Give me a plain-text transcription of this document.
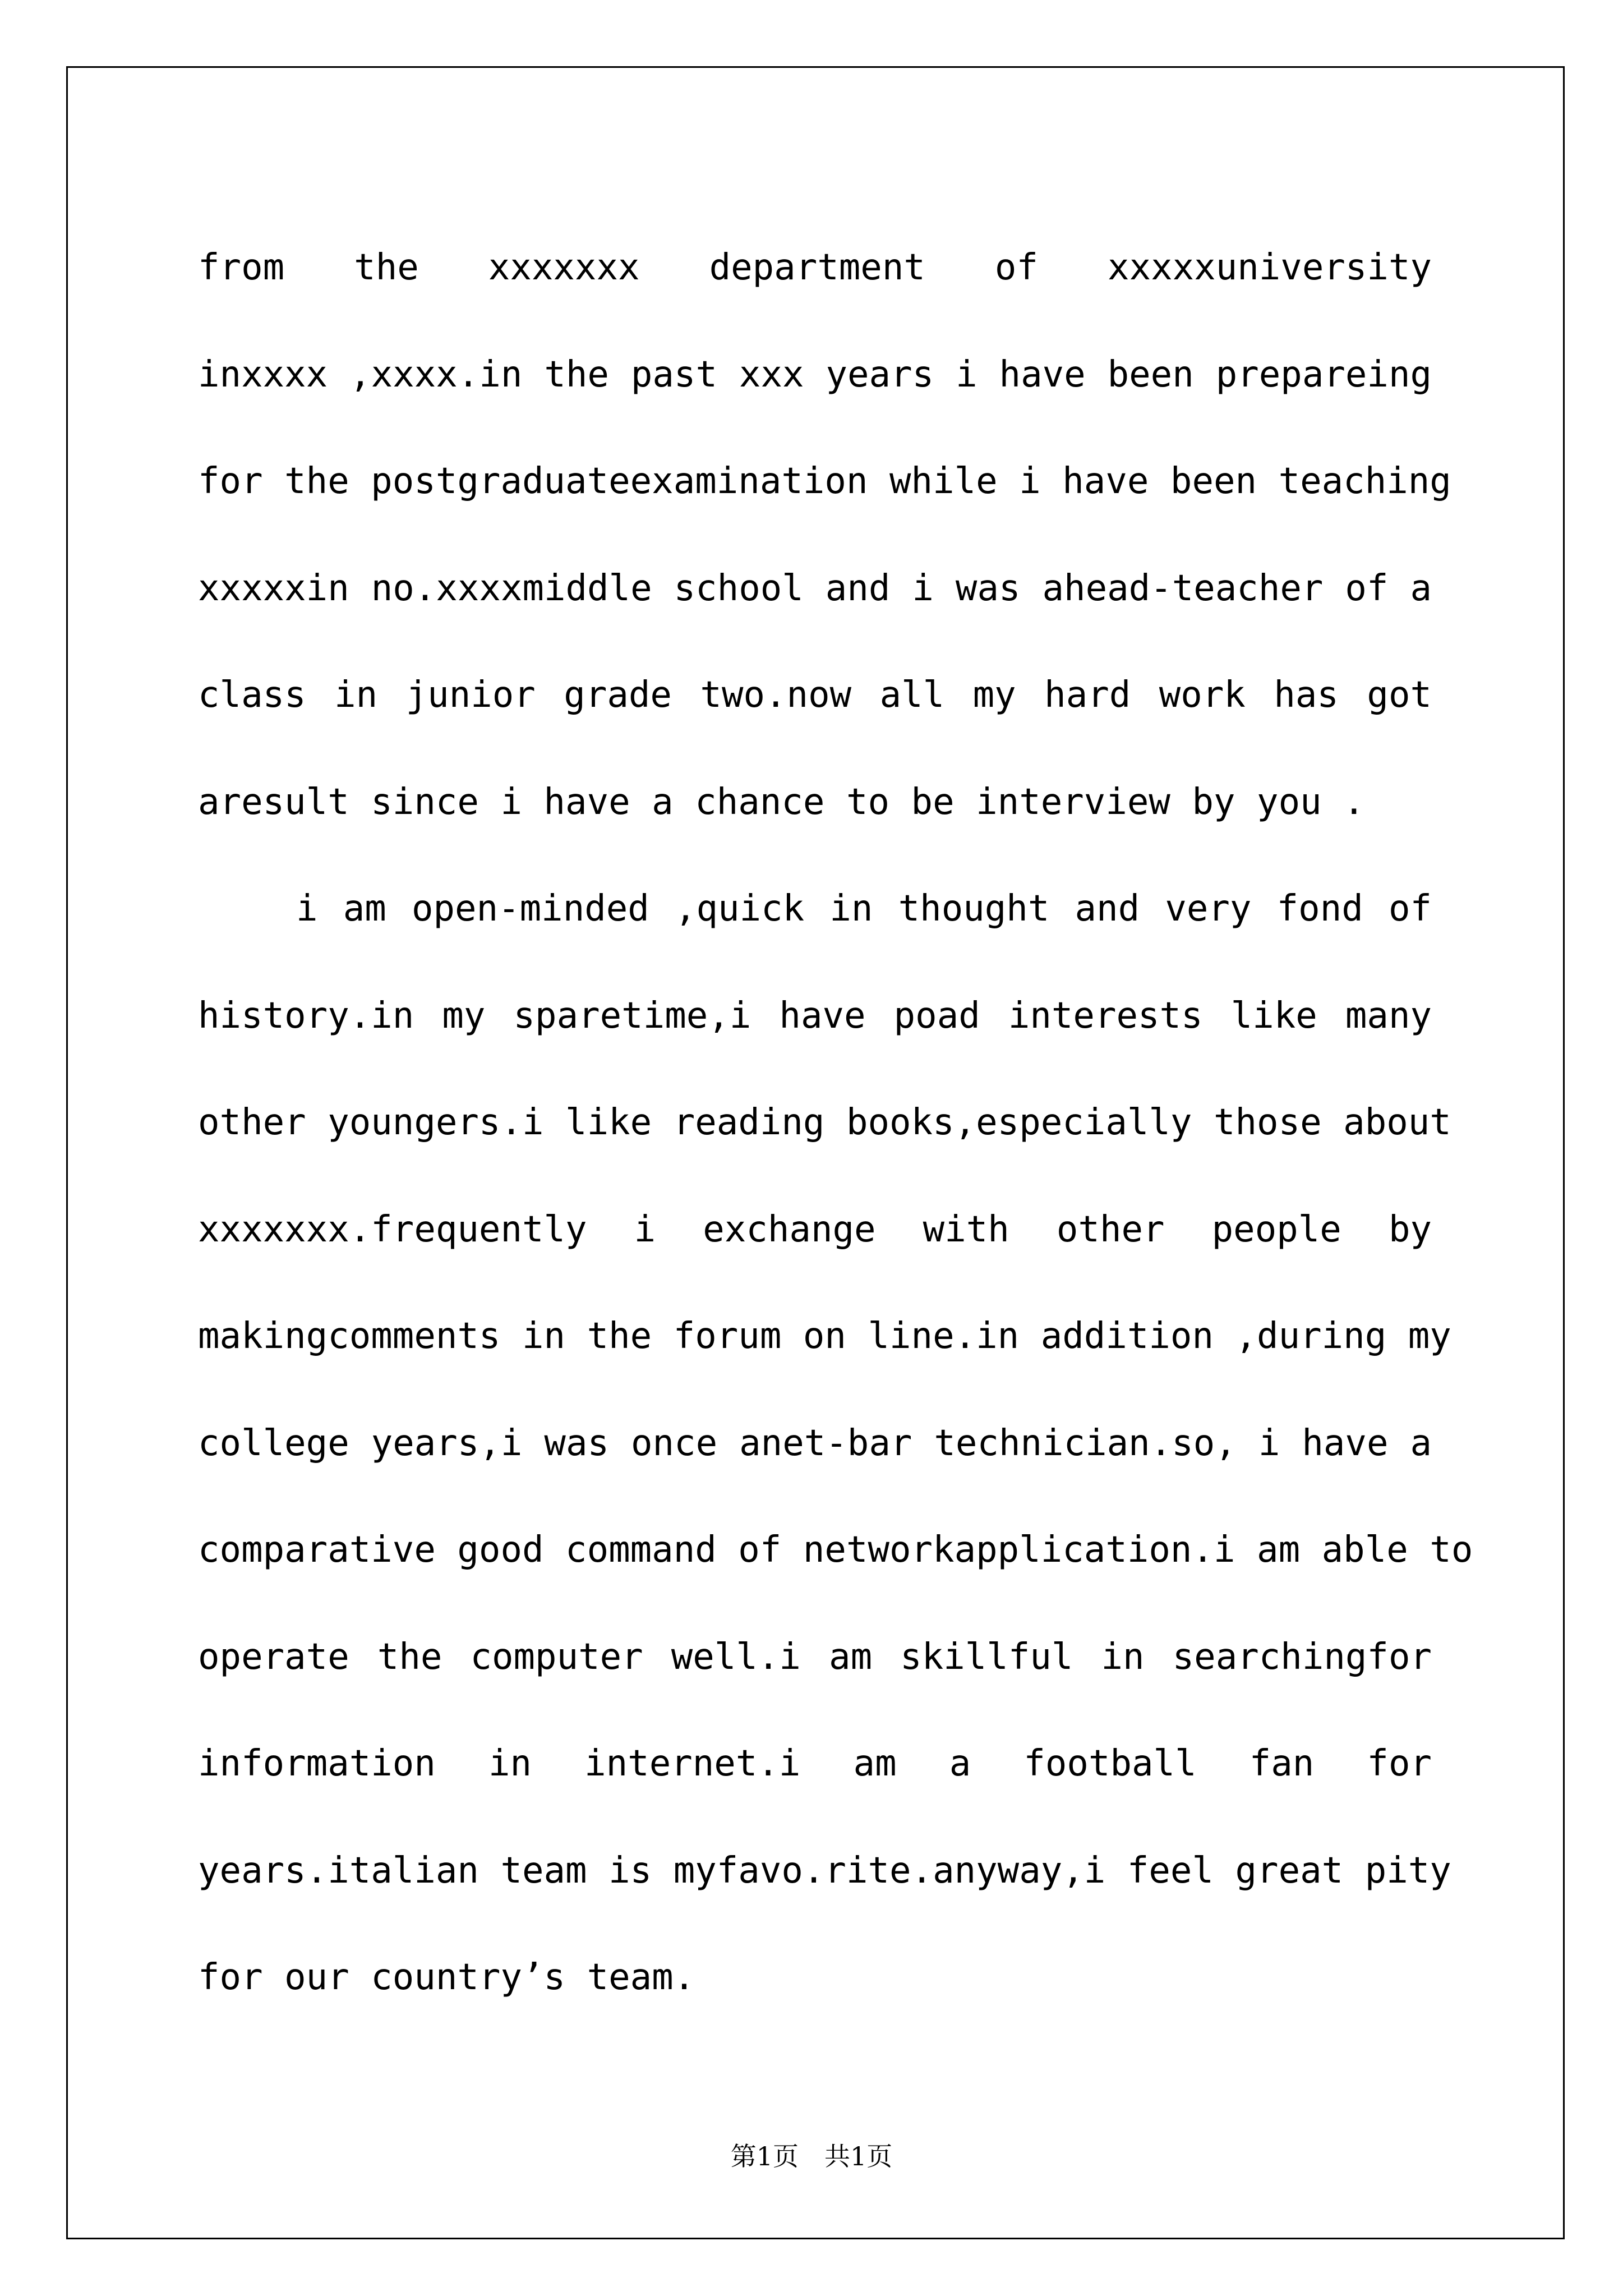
from the xxxxxxx department of xxxxxuniversity
inxxxx ,xxxx.in the past xxx years i have been prepareing
for the postgraduateexamination while i have been teaching
xxxxxin no.xxxxmiddle school and i was ahead-teacher of a
class in junior grade two.now all my hard work has got
aresult since i have a chance to be interview by you .
i am open-minded ,quick in thought and very fond of
history.in my sparetime,i have poad interests like many
other youngers.i like reading books,especially those about
xxxxxxx.frequently i exchange with other people by
makingcomments in the forum on line.in addition ,during my
college years,i was once anet-bar technician.so, i have a
comparative good command of networkapplication.i am able to
operate the computer well.i am skillful in searchingfor
information in internet.i am a football fan for
years.italian team is myfavo.rite.anyway,i feel great pity
for our country’s team.
第1页　共1页
